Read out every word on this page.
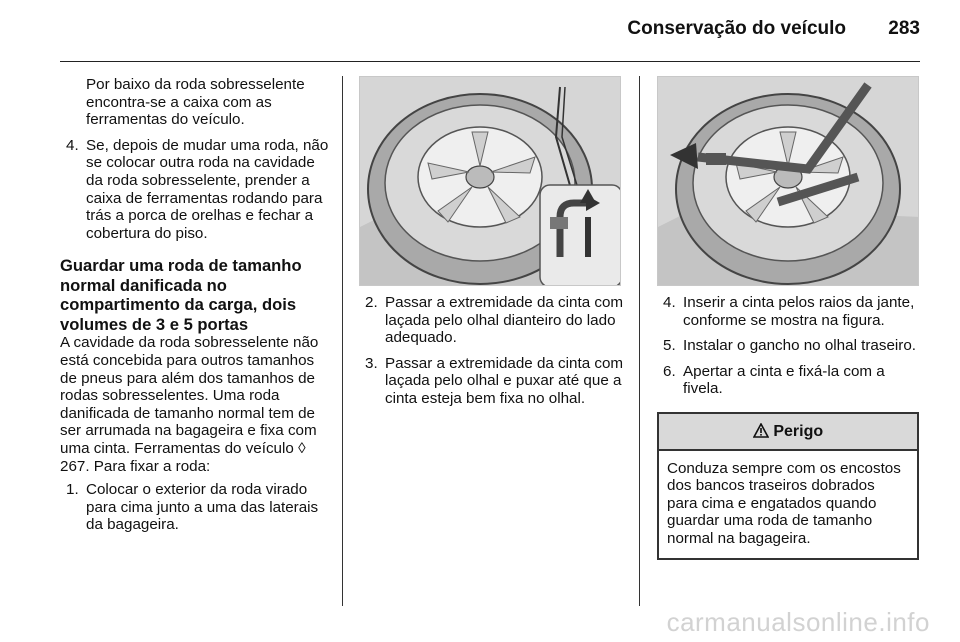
Conservação do veículo 283

Por baixo da roda sobresselente encontra-se a caixa com as ferramentas do veículo.

4. Se, depois de mudar uma roda, não se colocar outra roda na cavidade da roda sobresselente, prender a caixa de ferramentas rodando para trás a porca de orelhas e fechar a cobertura do piso.
Guardar uma roda de tamanho normal danificada no compartimento da carga, dois volumes de 3 e 5 portas

A cavidade da roda sobresselente não está concebida para outros tamanhos de pneus para além dos tamanhos de rodas sobresselentes. Uma roda danificada de tamanho normal tem de ser arrumada na bagageira e fixa com uma cinta. Ferramentas do veículo ◊ 267. Para fixar a roda:

1. Colocar o exterior da roda virado para cima junto a uma das laterais da bagageira.
2. Passar a extremidade da cinta com laçada pelo olhal dianteiro do lado adequado.
3. Passar a extremidade da cinta com laçada pelo olhal e puxar até que a cinta esteja bem fixa no olhal.
4. Inserir a cinta pelos raios da jante, conforme se mostra na figura.
5. Instalar o gancho no olhal traseiro.
6. Apertar a cinta e fixá-la com a fivela.
Perigo
Conduza sempre com os encostos dos bancos traseiros dobrados para cima e engatados quando guardar uma roda de tamanho normal na bagageira.
carmanualsonline.info
